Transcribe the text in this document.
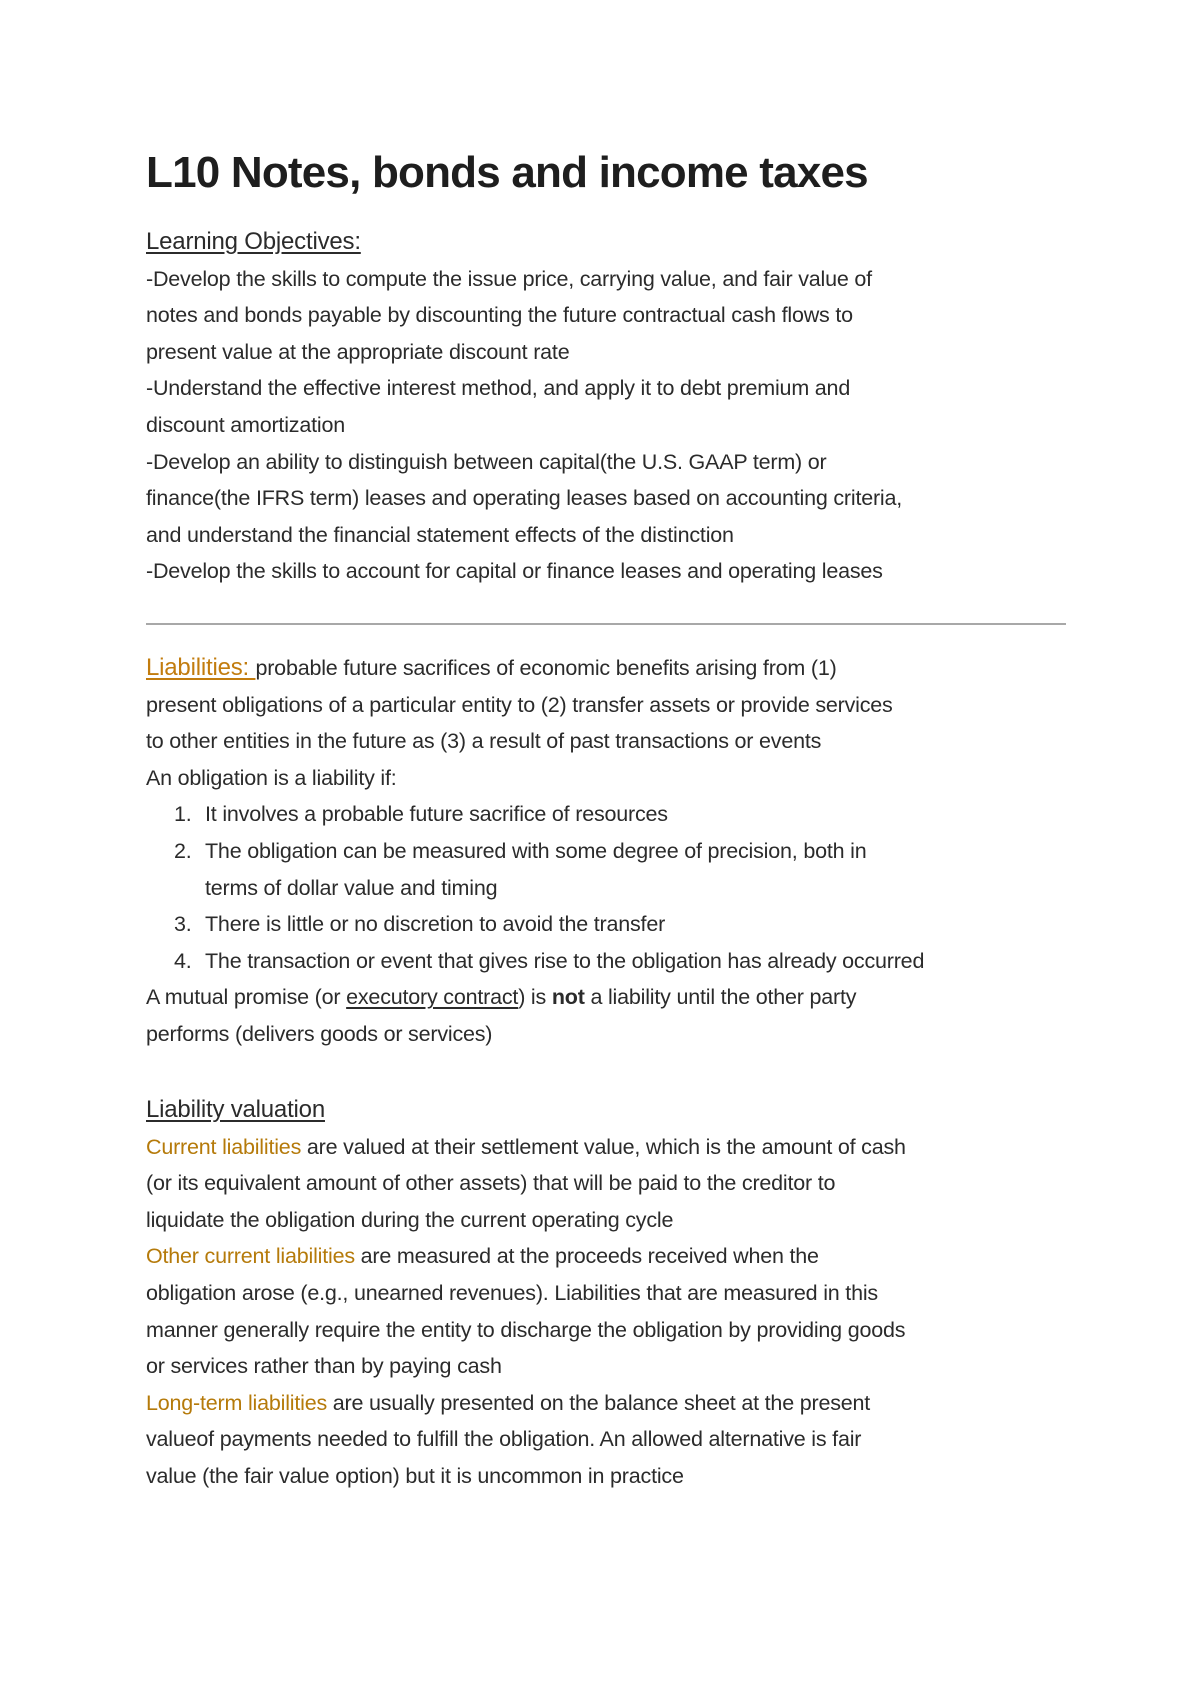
L10 Notes, bonds and income taxes
Learning Objectives:
-Develop the skills to compute the issue price, carrying value, and fair value of
notes and bonds payable by discounting the future contractual cash flows to
present value at the appropriate discount rate
-Understand the effective interest method, and apply it to debt premium and
discount amortization
-Develop an ability to distinguish between capital(the U.S. GAAP term) or
finance(the IFRS term) leases and operating leases based on accounting criteria,
and understand the financial statement effects of the distinction
-Develop the skills to account for capital or finance leases and operating leases
Liabilities: probable future sacrifices of economic benefits arising from (1)
present obligations of a particular entity to (2) transfer assets or provide services
to other entities in the future as (3) a result of past transactions or events
An obligation is a liability if:
1. It involves a probable future sacrifice of resources
2. The obligation can be measured with some degree of precision, both in
terms of dollar value and timing
3. There is little or no discretion to avoid the transfer
4. The transaction or event that gives rise to the obligation has already occurred
A mutual promise (or executory contract) is not a liability until the other party
performs (delivers goods or services)
Liability valuation
Current liabilities are valued at their settlement value, which is the amount of cash
(or its equivalent amount of other assets) that will be paid to the creditor to
liquidate the obligation during the current operating cycle
Other current liabilities are measured at the proceeds received when the
obligation arose (e.g., unearned revenues). Liabilities that are measured in this
manner generally require the entity to discharge the obligation by providing goods
or services rather than by paying cash
Long-term liabilities are usually presented on the balance sheet at the present
valueof payments needed to fulfill the obligation. An allowed alternative is fair
value (the fair value option) but it is uncommon in practice
